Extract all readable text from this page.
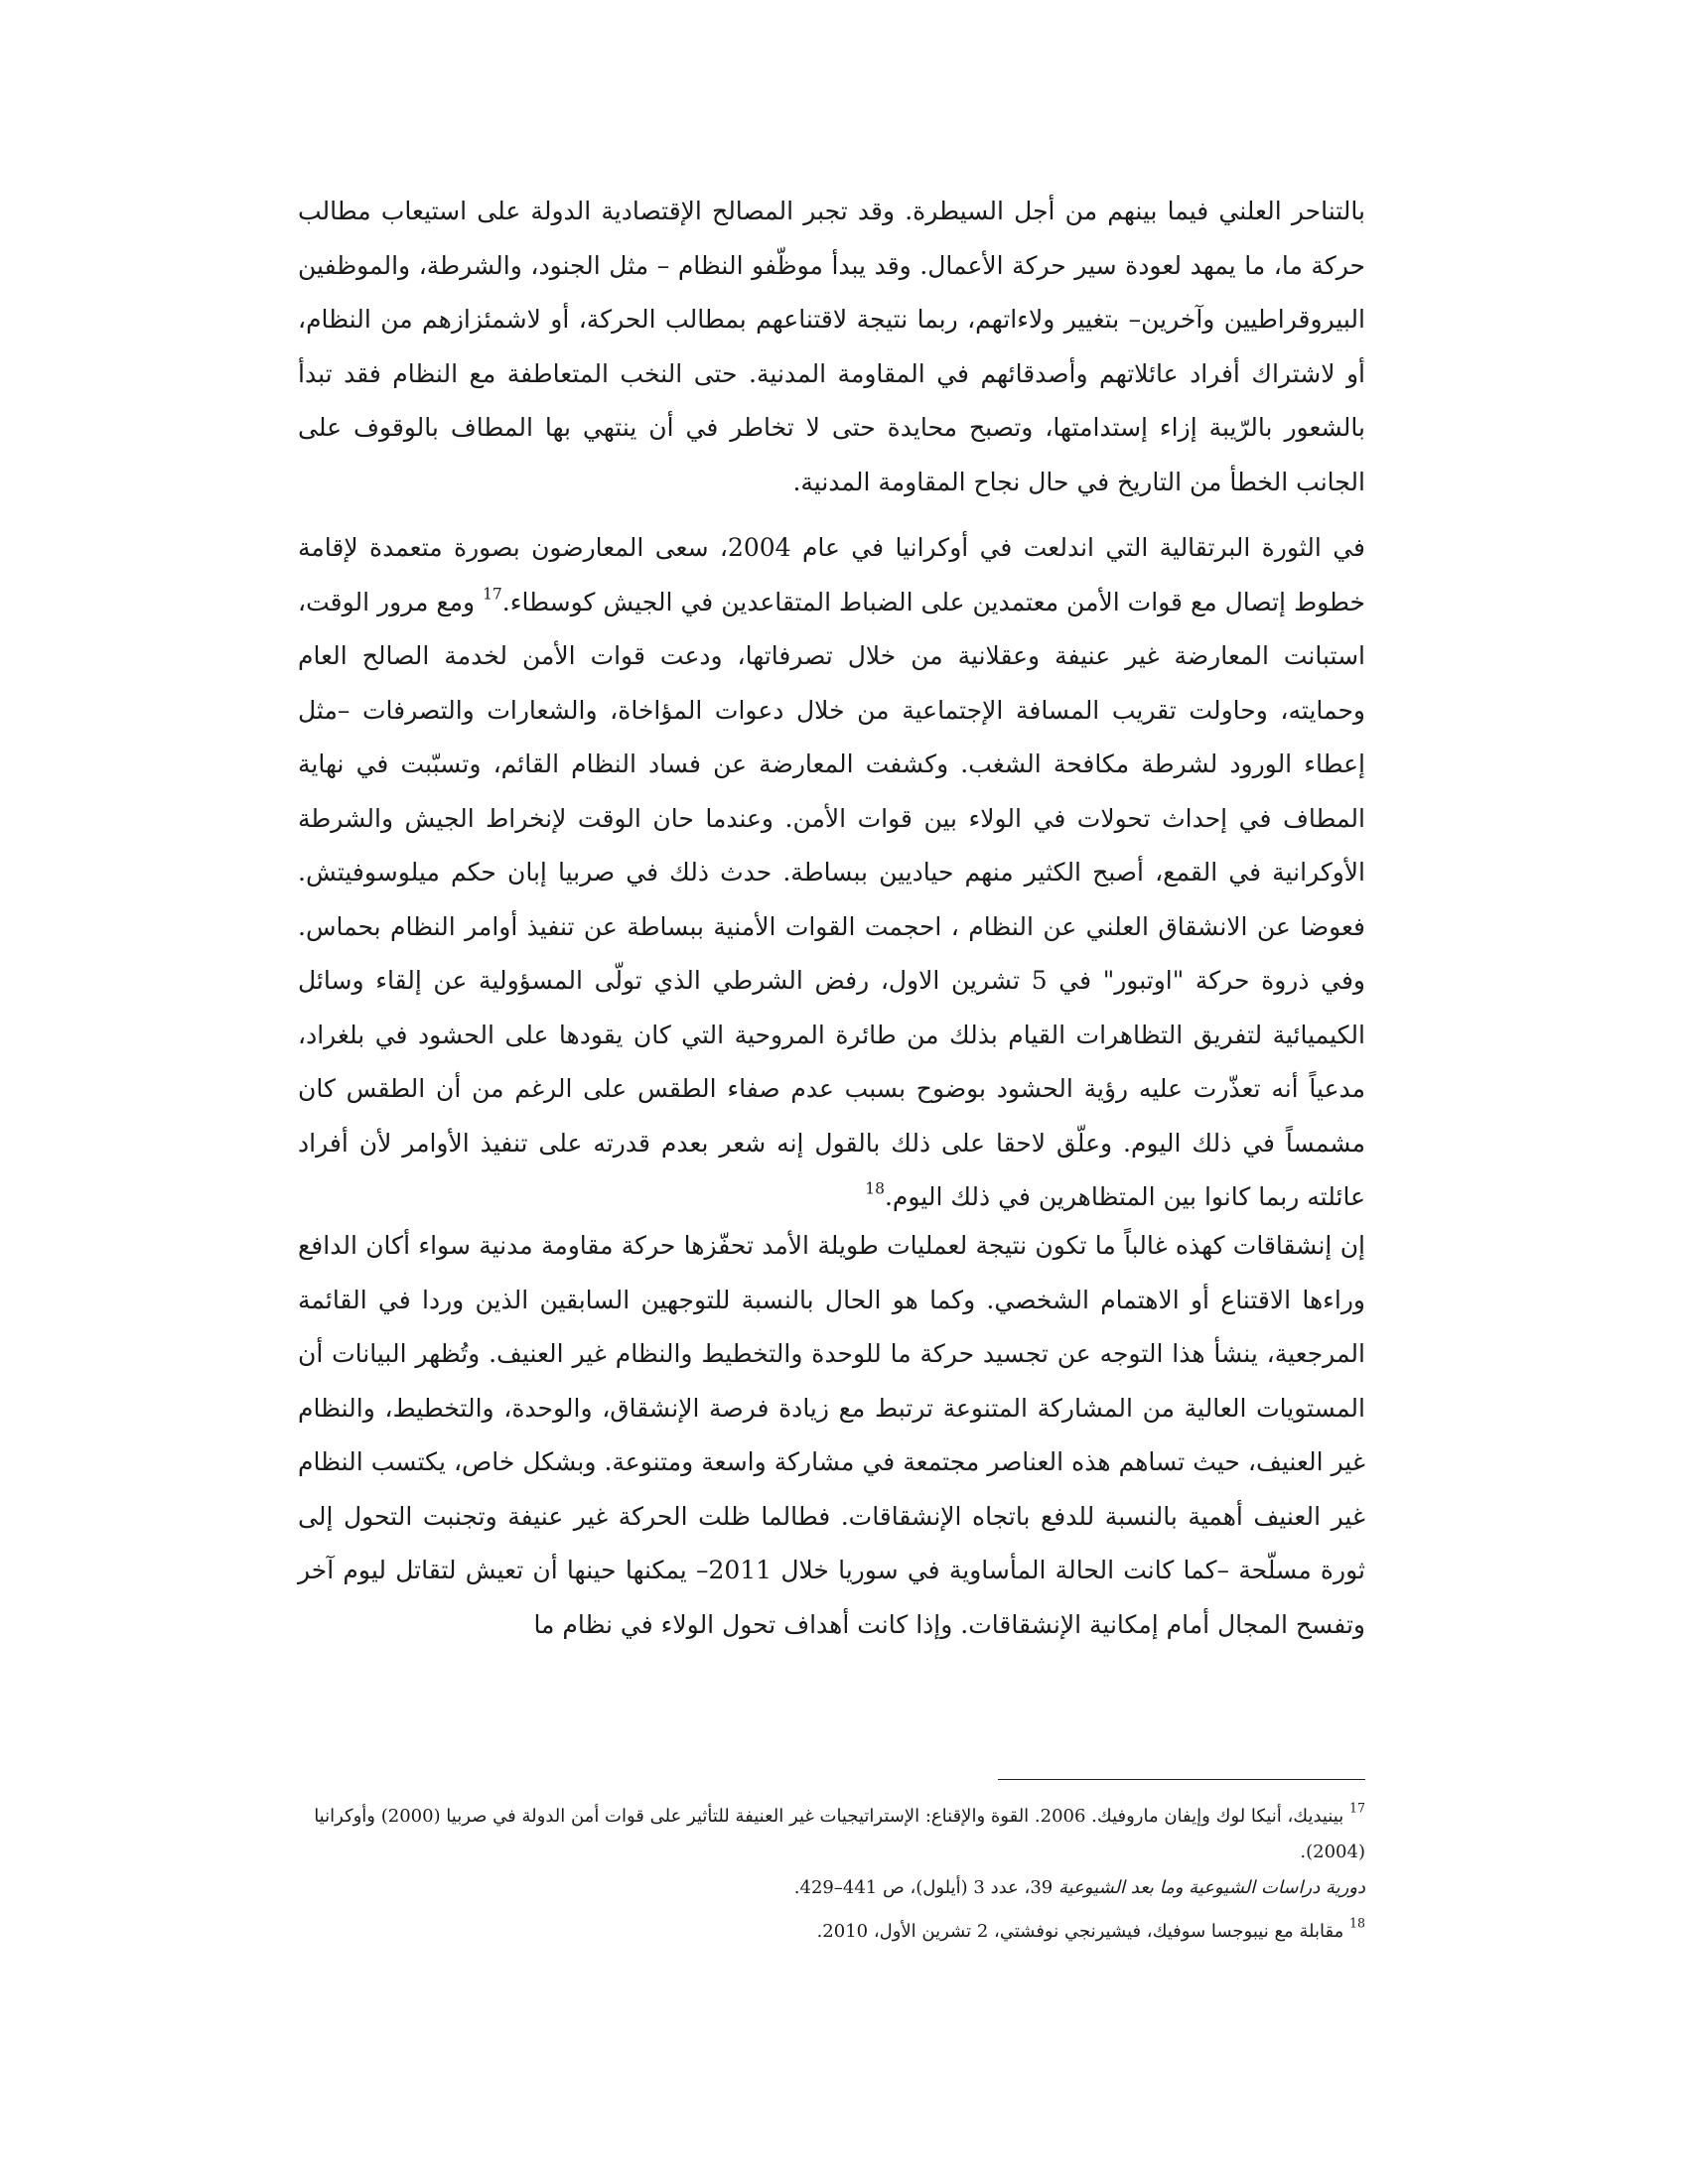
بالتناحر العلني فيما بينهم من أجل السيطرة. وقد تجبر المصالح الإقتصادية الدولة على استيعاب مطالب حركة ما، ما يمهد لعودة سير حركة الأعمال. وقد يبدأ موظّفو النظام – مثل الجنود، والشرطة، والموظفين البيروقراطيين وآخرين– بتغيير ولاءاتهم، ربما نتيجة لاقتناعهم بمطالب الحركة، أو لاشمئزازهم من النظام، أو لاشتراك أفراد عائلاتهم وأصدقائهم في المقاومة المدنية. حتى النخب المتعاطفة مع النظام فقد تبدأ بالشعور بالرّيبة إزاء إستدامتها، وتصبح محايدة حتى لا تخاطر في أن ينتهي بها المطاف بالوقوف على الجانب الخطأ من التاريخ في حال نجاح المقاومة المدنية.

في الثورة البرتقالية التي اندلعت في أوكرانيا في عام 2004، سعى المعارضون بصورة متعمدة لإقامة خطوط إتصال مع قوات الأمن معتمدين على الضباط المتقاعدين في الجيش كوسطاء.$^{17}$ ومع مرور الوقت، استبانت المعارضة غير عنيفة وعقلانية من خلال تصرفاتها، ودعت قوات الأمن لخدمة الصالح العام وحمايته، وحاولت تقريب المسافة الإجتماعية من خلال دعوات المؤاخاة، والشعارات والتصرفات –مثل إعطاء الورود لشرطة مكافحة الشغب. وكشفت المعارضة عن فساد النظام القائم، وتسبّبت في نهاية المطاف في إحداث تحولات في الولاء بين قوات الأمن. وعندما حان الوقت لإنخراط الجيش والشرطة الأوكرانية في القمع، أصبح الكثير منهم حياديين ببساطة. حدث ذلك في صربيا إبان حكم ميلوسوفيتش. فعوضا عن الانشقاق العلني عن النظام ، احجمت القوات الأمنية ببساطة عن تنفيذ أوامر النظام بحماس. وفي ذروة حركة "اوتبور" في 5 تشرين الاول، رفض الشرطي الذي تولّى المسؤولية عن إلقاء وسائل الكيميائية لتفريق التظاهرات القيام بذلك من طائرة المروحية التي كان يقودها على الحشود في بلغراد، مدعياً أنه تعذّرت عليه رؤية الحشود بوضوح بسبب عدم صفاء الطقس على الرغم من أن الطقس كان مشمساً في ذلك اليوم. وعلّق لاحقا على ذلك بالقول إنه شعر بعدم قدرته على تنفيذ الأوامر لأن أفراد عائلته ربما كانوا بين المتظاهرين في ذلك اليوم.$^{18}$

إن إنشقاقات كهذه غالباً ما تكون نتيجة لعمليات طويلة الأمد تحفّزها حركة مقاومة مدنية سواء أكان الدافع وراءها الاقتناع أو الاهتمام الشخصي. وكما هو الحال بالنسبة للتوجهين السابقين الذين وردا في القائمة المرجعية، ينشأ هذا التوجه عن تجسيد حركة ما للوحدة والتخطيط والنظام غير العنيف. وتُظهر البيانات أن المستويات العالية من المشاركة المتنوعة ترتبط مع زيادة فرصة الإنشقاق، والوحدة، والتخطيط، والنظام غير العنيف، حيث تساهم هذه العناصر مجتمعة في مشاركة واسعة ومتنوعة. وبشكل خاص، يكتسب النظام غير العنيف أهمية بالنسبة للدفع باتجاه الإنشقاقات. فطالما ظلت الحركة غير عنيفة وتجنبت التحول إلى ثورة مسلّحة –كما كانت الحالة المأساوية في سوريا خلال 2011– يمكنها حينها أن تعيش لتقاتل ليوم آخر وتفسح المجال أمام إمكانية الإنشقاقات. وإذا كانت أهداف تحول الولاء في نظام ما

$^{17}$ بينيديك، أنيكا لوك وإيفان ماروفيك. 2006. القوة والإقناع: الإستراتيجيات غير العنيفة للتأثير على قوات أمن الدولة في صربيا (2000) وأوكرانيا (2004).
دورية دراسات الشيوعية وما بعد الشيوعية 39، عدد 3 (أيلول)، ص 441–429.
$^{18}$ مقابلة مع نيبوجسا سوفيك، فيشيرنجي نوفشتي، 2 تشرين الأول، 2010.
